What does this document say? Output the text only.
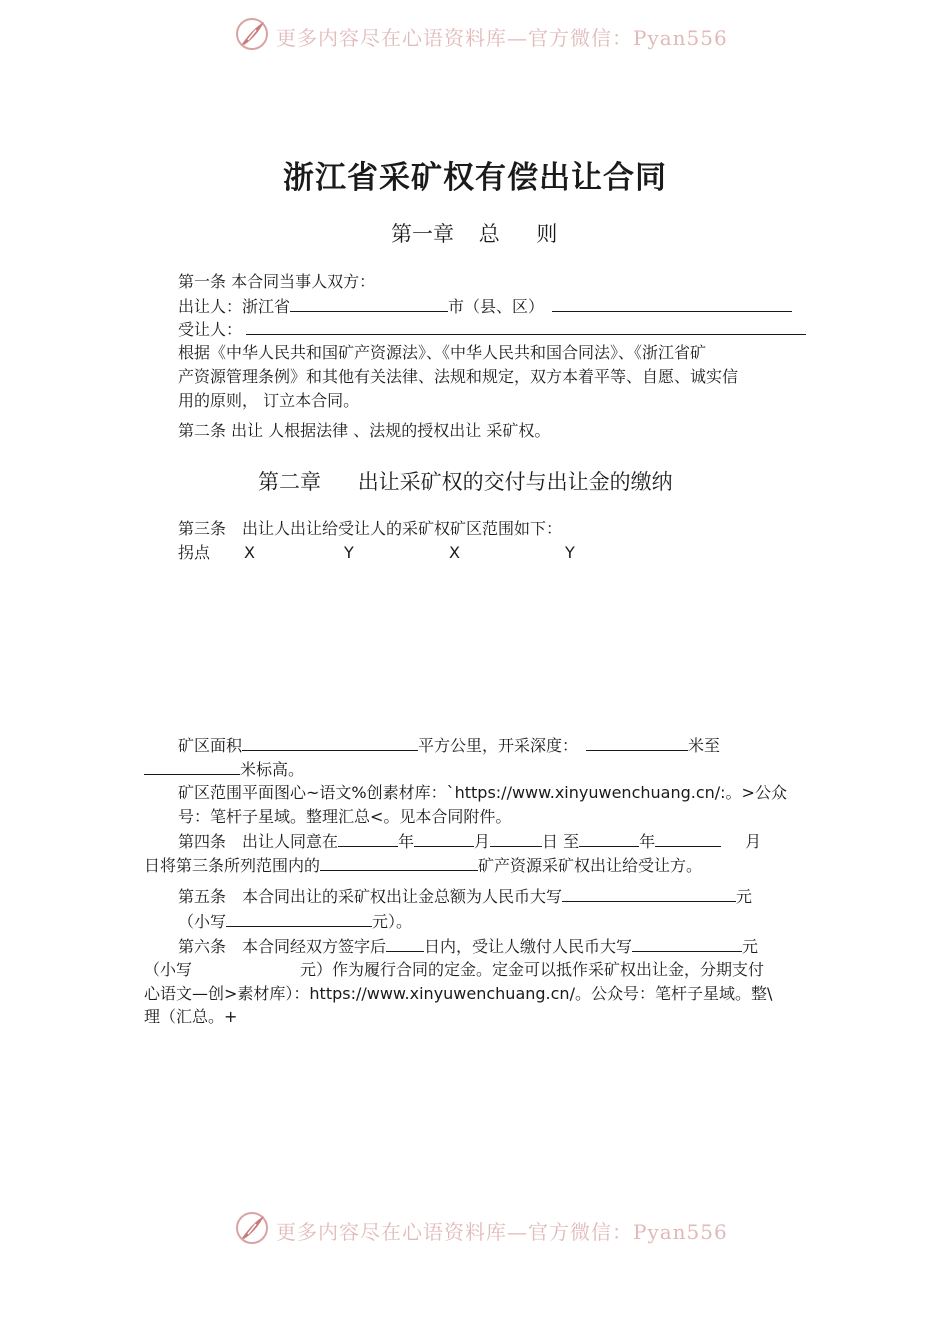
更多内容尽在心语资料库—官方微信：Pyan556
浙江省采矿权有偿出让合同
第一章 总 则
第一条 本合同当事人双方：
出让人：浙江省	市（县、区）
受让人：
根据《中华人民共和国矿产资源法》、《中华人民共和国合同法》、《浙江省矿
产资源管理条例》和其他有关法律、法规和规定，双方本着平等、自愿、诚实信
用的原则， 订立本合同。
第二条 出让 人根据法律 、法规的授权出让 采矿权。
第二章 出让采矿权的交付与出让金的缴纳
第三条　出让人出让给受让人的采矿权矿区范围如下：
拐点 X	Y	X	Y
矿区面积	平方公里，开采深度：	米至
米标高。
矿区范围平面图心~语文%创素材库：`https://www.xinyuwenchuang.cn/:。>公众
号：笔杆子星域。整理汇总<。见本合同附件。
第四条　出让人同意在	年	月	日 至	年	月
日将第三条所列范围内的	矿产资源采矿权出让给受让方。
第五条　本合同出让的采矿权出让金总额为人民币大写	元
（小写	元）。
第六条　本合同经双方签字后 日内，受让人缴付人民币大写	元
（小写	元）作为履行合同的定金。定金可以抵作采矿权出让金，分期支付
心语文—创>素材库）：https://www.xinyuwenchuang.cn/。公众号：笔杆子星域。整\
理（汇总。+
更多内容尽在心语资料库—官方微信：Pyan556
